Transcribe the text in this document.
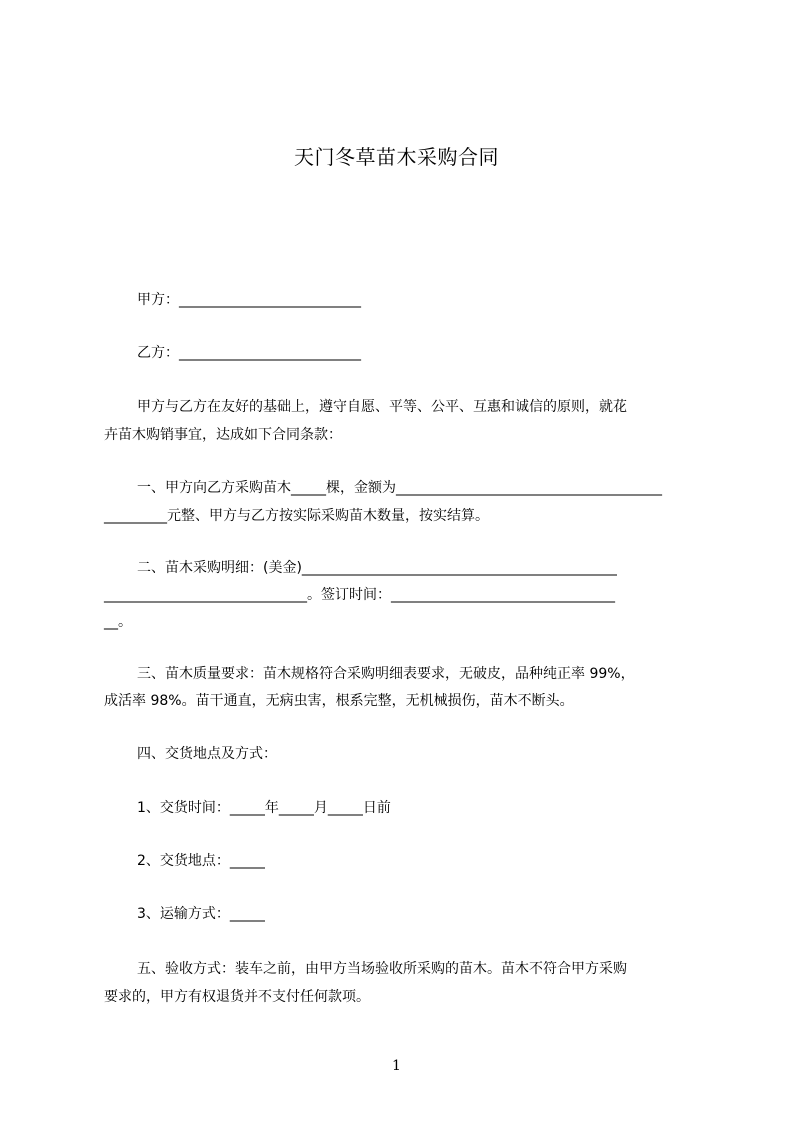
天门冬草苗木采购合同
甲方：__________________________
乙方：__________________________
甲方与乙方在友好的基础上，遵守自愿、平等、公平、互惠和诚信的原则，就花
卉苗木购销事宜，达成如下合同条款：
一、甲方向乙方采购苗木_____棵，金额为______________________________________
_________元整、甲方与乙方按实际采购苗木数量，按实结算。
二、苗木采购明细：(美金)_____________________________________________
_____________________________。签订时间：________________________________
__。
三、苗木质量要求：苗木规格符合采购明细表要求，无破皮，品种纯正率 99%，
成活率 98%。苗干通直，无病虫害，根系完整，无机械损伤，苗木不断头。
四、交货地点及方式：
1、交货时间：_____年_____月_____日前
2、交货地点：_____
3、运输方式：_____
五、验收方式：装车之前，由甲方当场验收所采购的苗木。苗木不符合甲方采购
要求的，甲方有权退货并不支付任何款项。
1
